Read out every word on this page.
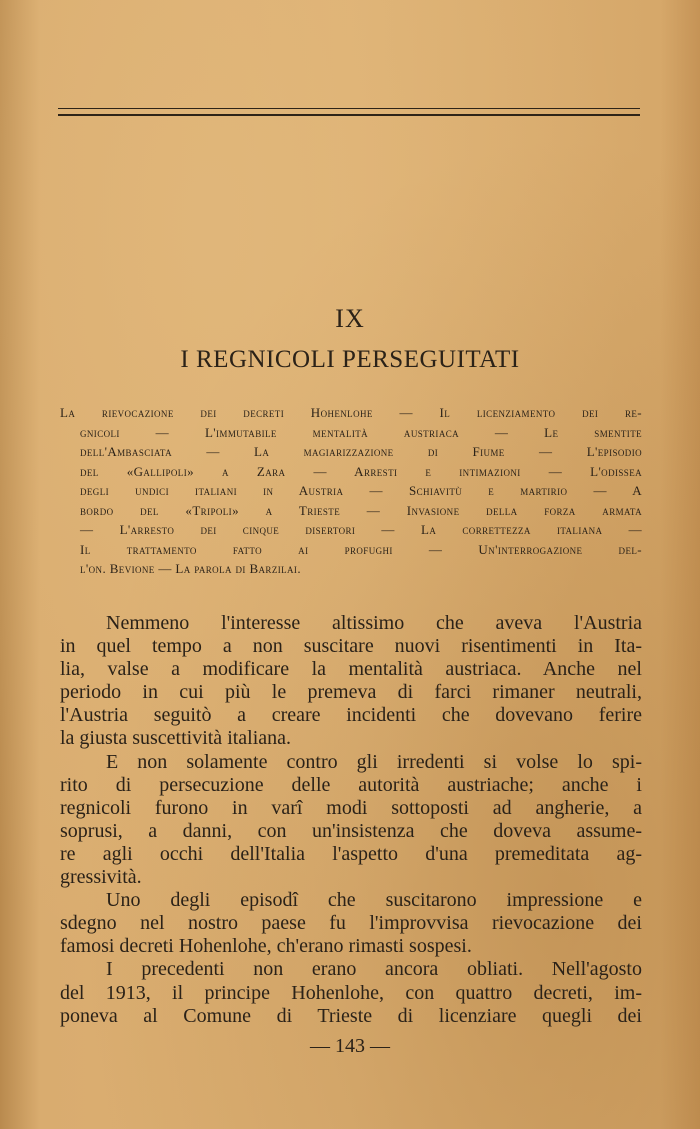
IX
I REGNICOLI PERSEGUITATI
La rievocazione dei decreti Hohenlohe — Il licenziamento dei re-
gnicoli — L'immutabile mentalità austriaca — Le smentite
dell'Ambasciata — La magiarizzazione di Fiume — L'episodio
del «Gallipoli» a Zara — Arresti e intimazioni — L'odissea
degli undici italiani in Austria — Schiavitù e martirio — A
bordo del «Tripoli» a Trieste — Invasione della forza armata
— L'arresto dei cinque disertori — La correttezza italiana —
Il trattamento fatto ai profughi — Un'interrogazione del-
l'on. Bevione — La parola di Barzilai.
Nemmeno l'interesse altissimo che aveva l'Austria
in quel tempo a non suscitare nuovi risentimenti in Ita-
lia, valse a modificare la mentalità austriaca. Anche nel
periodo in cui più le premeva di farci rimaner neutrali,
l'Austria seguitò a creare incidenti che dovevano ferire
la giusta suscettività italiana.
E non solamente contro gli irredenti si volse lo spi-
rito di persecuzione delle autorità austriache; anche i
regnicoli furono in varî modi sottoposti ad angherie, a
soprusi, a danni, con un'insistenza che doveva assume-
re agli occhi dell'Italia l'aspetto d'una premeditata ag-
gressività.
Uno degli episodî che suscitarono impressione e
sdegno nel nostro paese fu l'improvvisa rievocazione dei
famosi decreti Hohenlohe, ch'erano rimasti sospesi.
I precedenti non erano ancora obliati. Nell'agosto
del 1913, il principe Hohenlohe, con quattro decreti, im-
poneva al Comune di Trieste di licenziare quegli dei
— 143 —
